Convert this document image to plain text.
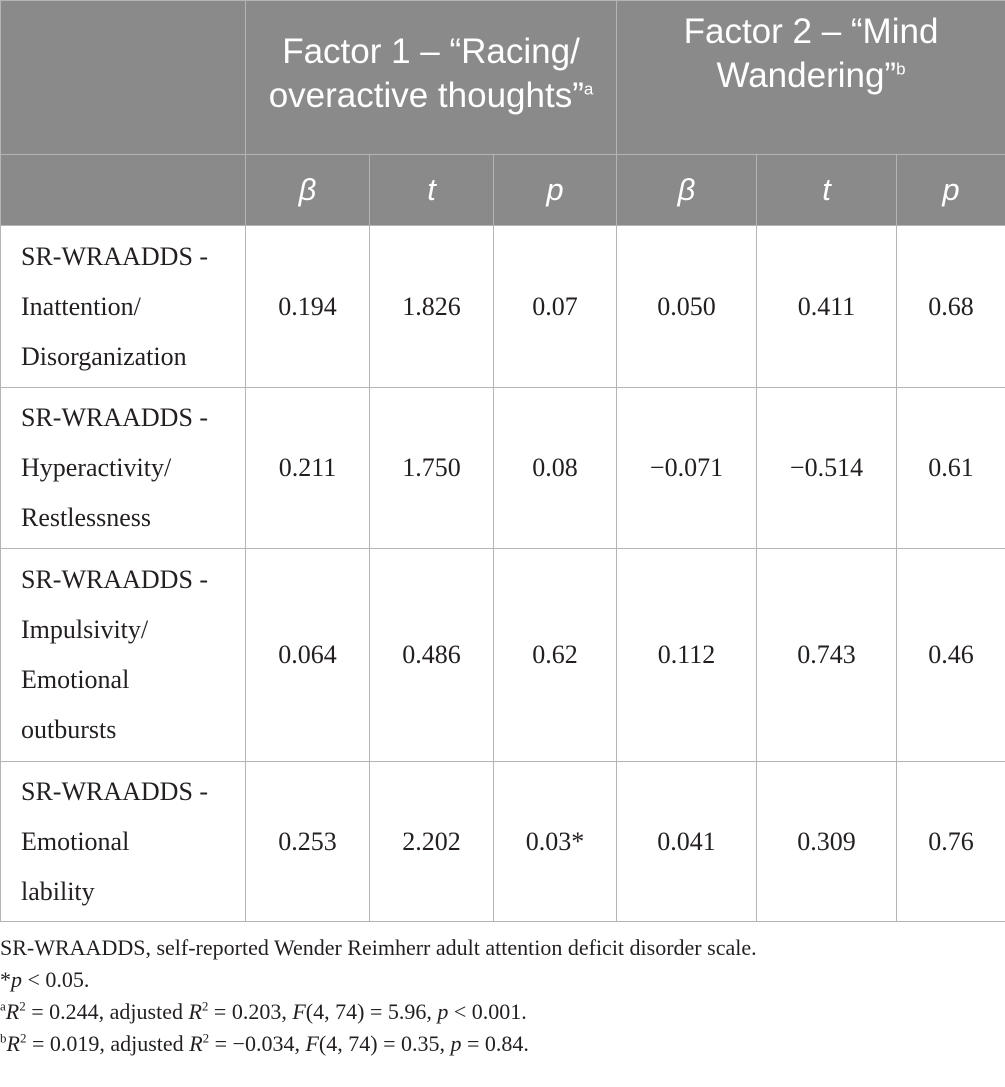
	Factor 1 – “Racing/ overactive thoughts”$^a$			Factor 2 – “Mind Wandering”$^b$
	β	t	p	β	t	p

SR-WRAADDS -
Inattention/
Disorganization	0.194	1.826	0.07	0.050	0.411	0.68

SR-WRAADDS -
Hyperactivity/
Restlessness	0.211	1.750	0.08	−0.071	−0.514	0.61

SR-WRAADDS -
Impulsivity/
Emotional
outbursts	0.064	0.486	0.62	0.112	0.743	0.46

SR-WRAADDS -
Emotional
lability	0.253	2.202	0.03*	0.041	0.309	0.76
SR-WRAADDS, self-reported Wender Reimherr adult attention deficit disorder scale.
*p < 0.05.
$^aR^2 = 0.244$, adjusted $R^2 = 0.203$, F(4, 74) = 5.96, p < 0.001.
$^bR^2 = 0.019$, adjusted $R^2 = -0.034$, F(4, 74) = 0.35, p = 0.84.
